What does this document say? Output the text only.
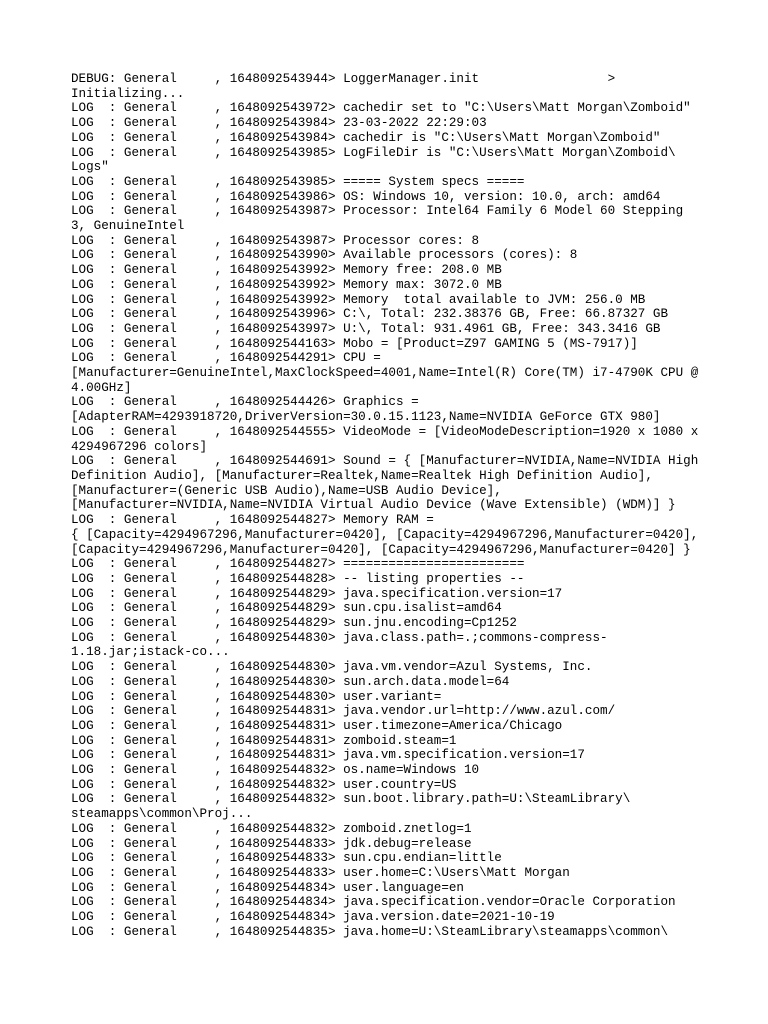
DEBUG: General     , 1648092543944> LoggerManager.init                 >
Initializing...
LOG  : General     , 1648092543972> cachedir set to "C:\Users\Matt Morgan\Zomboid"
LOG  : General     , 1648092543984> 23-03-2022 22:29:03
LOG  : General     , 1648092543984> cachedir is "C:\Users\Matt Morgan\Zomboid"
LOG  : General     , 1648092543985> LogFileDir is "C:\Users\Matt Morgan\Zomboid\
Logs"
LOG  : General     , 1648092543985> ===== System specs =====
LOG  : General     , 1648092543986> OS: Windows 10, version: 10.0, arch: amd64
LOG  : General     , 1648092543987> Processor: Intel64 Family 6 Model 60 Stepping
3, GenuineIntel
LOG  : General     , 1648092543987> Processor cores: 8
LOG  : General     , 1648092543990> Available processors (cores): 8
LOG  : General     , 1648092543992> Memory free: 208.0 MB
LOG  : General     , 1648092543992> Memory max: 3072.0 MB
LOG  : General     , 1648092543992> Memory  total available to JVM: 256.0 MB
LOG  : General     , 1648092543996> C:\, Total: 232.38376 GB, Free: 66.87327 GB
LOG  : General     , 1648092543997> U:\, Total: 931.4961 GB, Free: 343.3416 GB
LOG  : General     , 1648092544163> Mobo = [Product=Z97 GAMING 5 (MS-7917)]
LOG  : General     , 1648092544291> CPU =
[Manufacturer=GenuineIntel,MaxClockSpeed=4001,Name=Intel(R) Core(TM) i7-4790K CPU @
4.00GHz]
LOG  : General     , 1648092544426> Graphics =
[AdapterRAM=4293918720,DriverVersion=30.0.15.1123,Name=NVIDIA GeForce GTX 980]
LOG  : General     , 1648092544555> VideoMode = [VideoModeDescription=1920 x 1080 x
4294967296 colors]
LOG  : General     , 1648092544691> Sound = { [Manufacturer=NVIDIA,Name=NVIDIA High
Definition Audio], [Manufacturer=Realtek,Name=Realtek High Definition Audio],
[Manufacturer=(Generic USB Audio),Name=USB Audio Device],
[Manufacturer=NVIDIA,Name=NVIDIA Virtual Audio Device (Wave Extensible) (WDM)] }
LOG  : General     , 1648092544827> Memory RAM =
{ [Capacity=4294967296,Manufacturer=0420], [Capacity=4294967296,Manufacturer=0420],
[Capacity=4294967296,Manufacturer=0420], [Capacity=4294967296,Manufacturer=0420] }
LOG  : General     , 1648092544827> ========================
LOG  : General     , 1648092544828> -- listing properties --
LOG  : General     , 1648092544829> java.specification.version=17
LOG  : General     , 1648092544829> sun.cpu.isalist=amd64
LOG  : General     , 1648092544829> sun.jnu.encoding=Cp1252
LOG  : General     , 1648092544830> java.class.path=.;commons-compress-
1.18.jar;istack-co...
LOG  : General     , 1648092544830> java.vm.vendor=Azul Systems, Inc.
LOG  : General     , 1648092544830> sun.arch.data.model=64
LOG  : General     , 1648092544830> user.variant=
LOG  : General     , 1648092544831> java.vendor.url=http://www.azul.com/
LOG  : General     , 1648092544831> user.timezone=America/Chicago
LOG  : General     , 1648092544831> zomboid.steam=1
LOG  : General     , 1648092544831> java.vm.specification.version=17
LOG  : General     , 1648092544832> os.name=Windows 10
LOG  : General     , 1648092544832> user.country=US
LOG  : General     , 1648092544832> sun.boot.library.path=U:\SteamLibrary\
steamapps\common\Proj...
LOG  : General     , 1648092544832> zomboid.znetlog=1
LOG  : General     , 1648092544833> jdk.debug=release
LOG  : General     , 1648092544833> sun.cpu.endian=little
LOG  : General     , 1648092544833> user.home=C:\Users\Matt Morgan
LOG  : General     , 1648092544834> user.language=en
LOG  : General     , 1648092544834> java.specification.vendor=Oracle Corporation
LOG  : General     , 1648092544834> java.version.date=2021-10-19
LOG  : General     , 1648092544835> java.home=U:\SteamLibrary\steamapps\common\
